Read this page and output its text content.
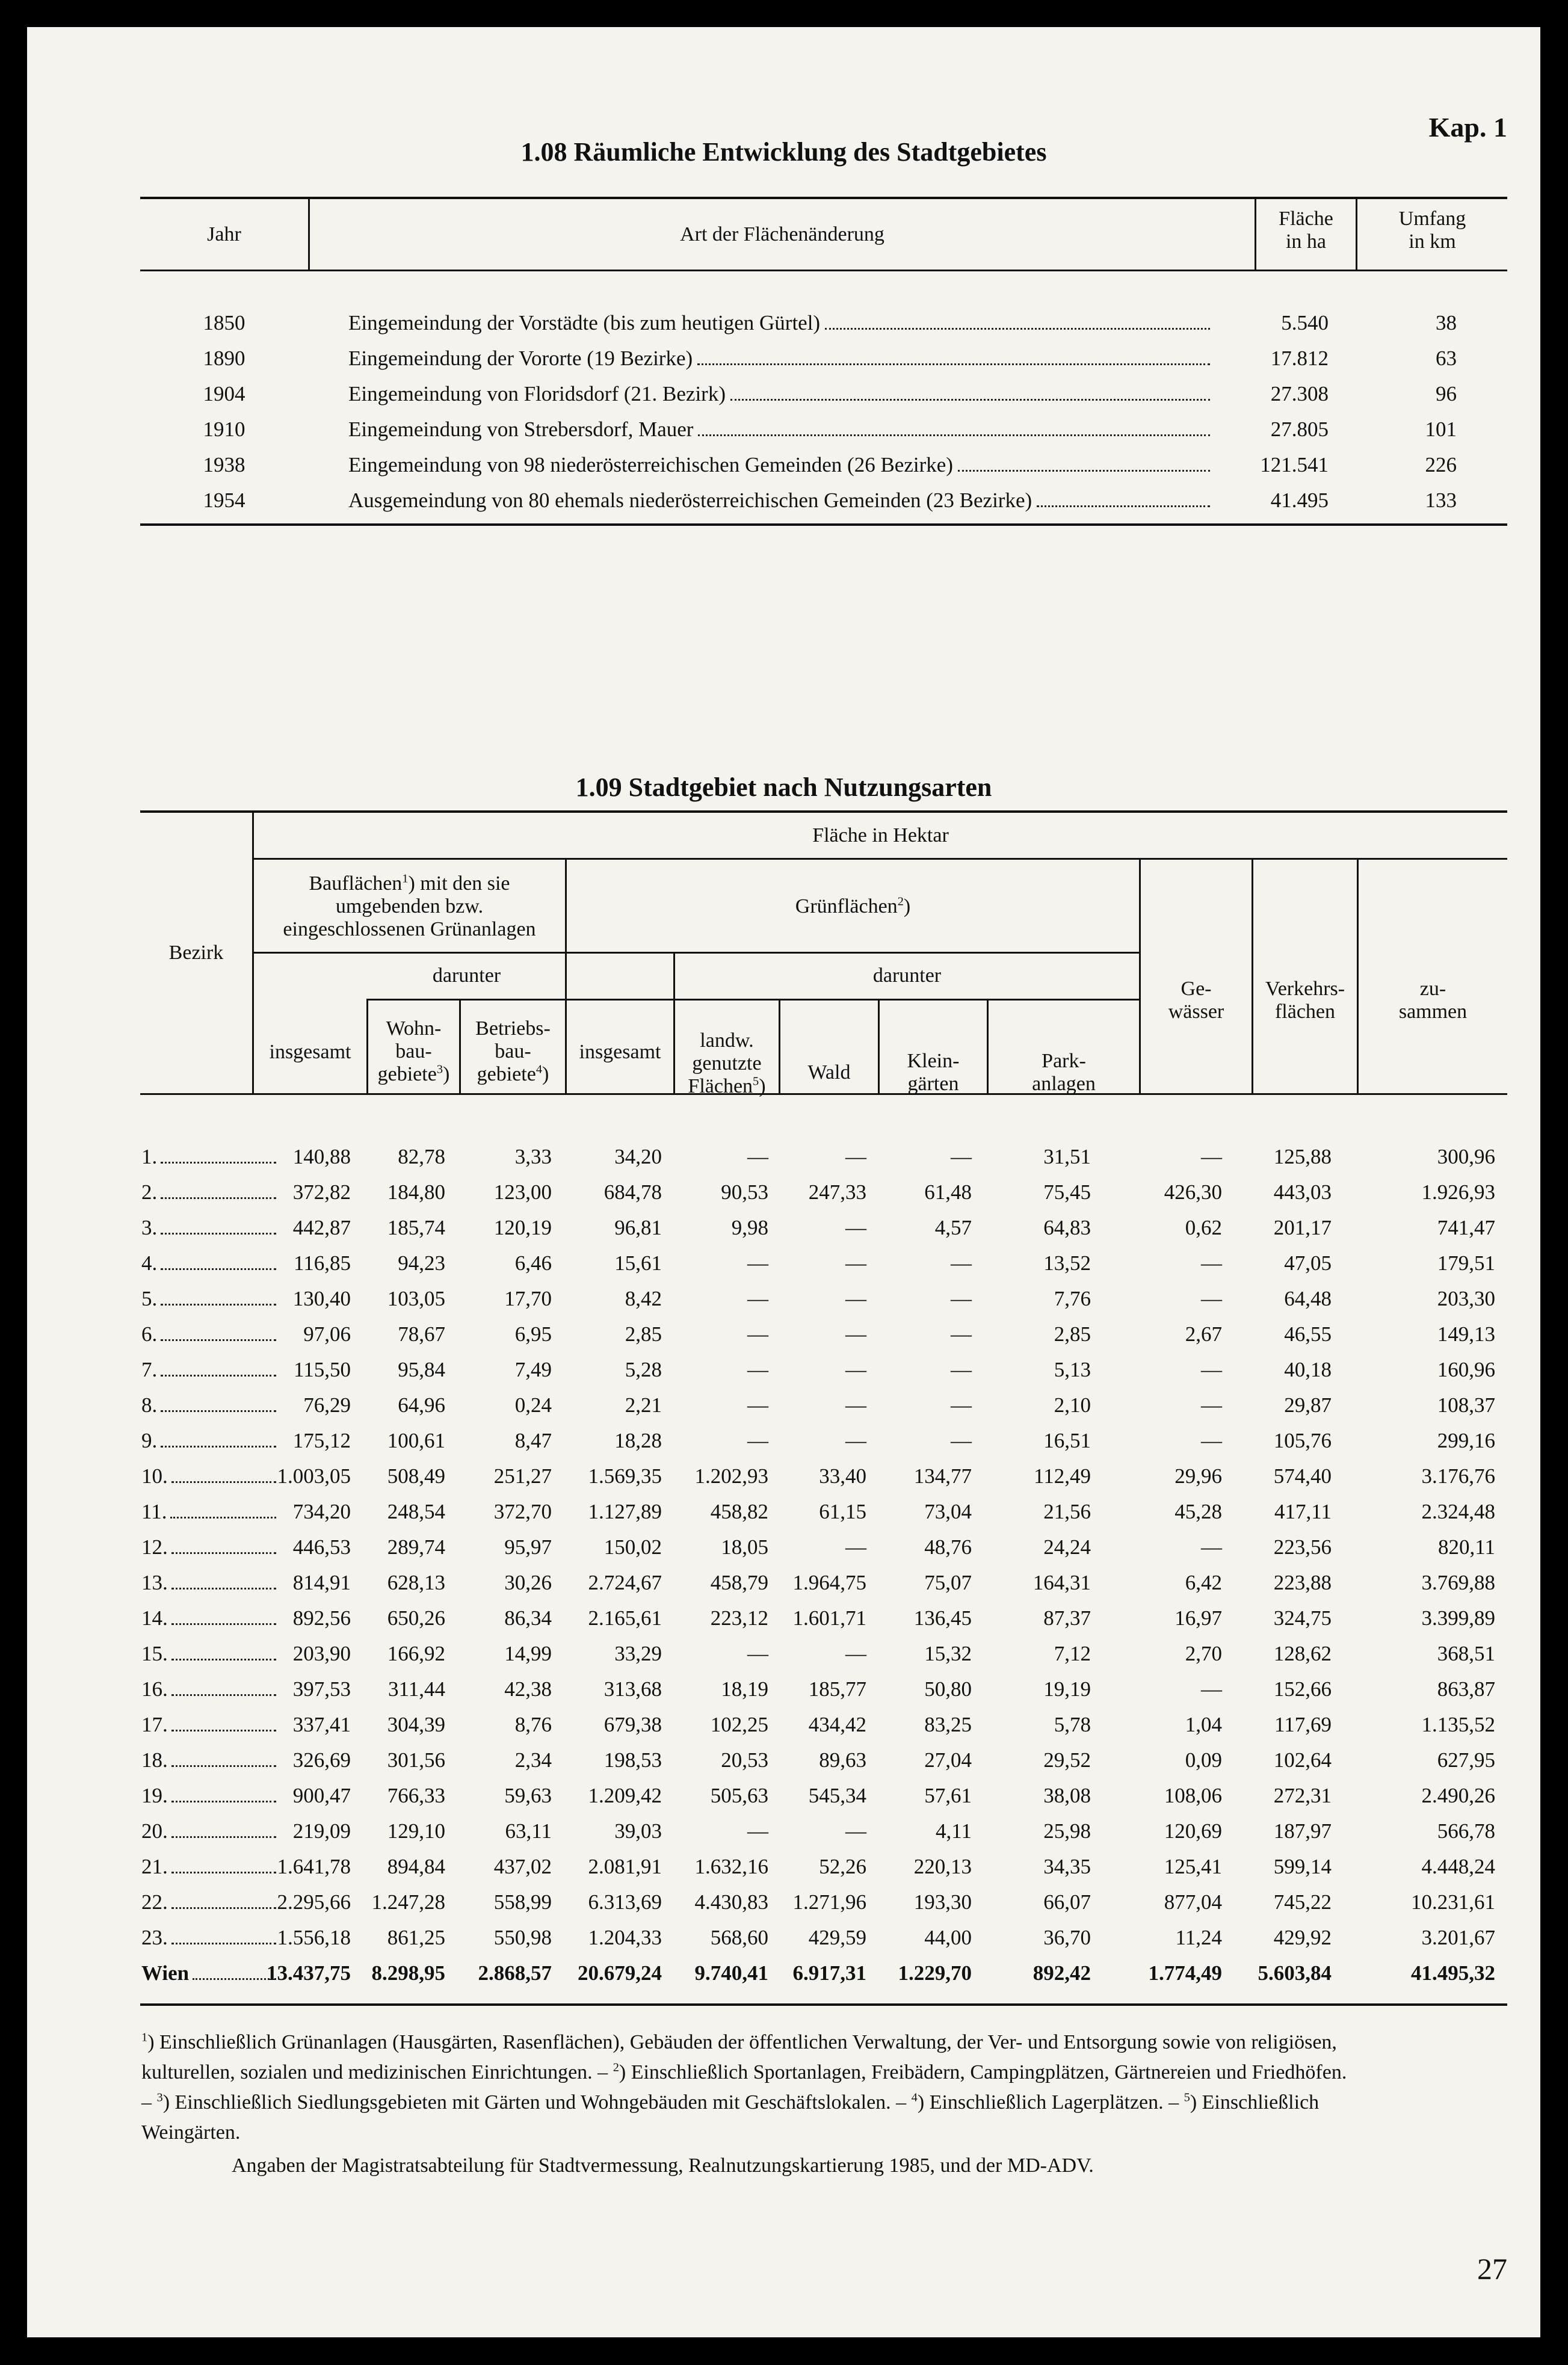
Kap. 1
1.08 Räumliche Entwicklung des Stadtgebietes
Jahr	Art der Flächenänderung
Fläche
in ha
Umfang
in km
1850	Eingemeindung der Vorstädte (bis zum heutigen Gürtel)	5.540	38
1890	Eingemeindung der Vororte (19 Bezirke)	17.812	63
1904	Eingemeindung von Floridsdorf (21. Bezirk)	27.308	96
1910	Eingemeindung von Strebersdorf, Mauer	27.805	101
1938	Eingemeindung von 98 niederösterreichischen Gemeinden (26 Bezirke)	121.541	226
1954	Ausgemeindung von 80 ehemals niederösterreichischen Gemeinden (23 Bezirke)	41.495	133
1.09 Stadtgebiet nach Nutzungsarten
Bezirk
Fläche in Hektar
Bauflächen$^1$) mit den sie
umgebenden bzw.
eingeschlossenen Grünanlagen
Grünflächen$^2$)
darunter	darunter
insgesamt
Wohn-
bau-
gebiete$^3$)
Betriebs-
bau-
gebiete$^4$)
insgesamt
landw.
genutzte
Flächen$^5$)
Wald
Klein-
gärten
Park-
anlagen
Ge-
wässer
Verkehrs-
flächen
zu-
sammen
1.	140,88 82,78	3,33	34,20	—	—	—	31,51	— 125,88	300,96
2.	372,82 184,80 123,00 684,78	90,53 247,33	61,48	75,45	426,30 443,03	1.926,93
3.	442,87 185,74 120,19	96,81	9,98	—	4,57	64,83	0,62 201,17	741,47
4.	116,85 94,23	6,46	15,61	—	—	—	13,52	—	47,05	179,51
5.	130,40 103,05	17,70	8,42	—	—	—	7,76	—	64,48	203,30
6.	97,06 78,67	6,95	2,85	—	—	—	2,85	2,67	46,55	149,13
7.	115,50 95,84	7,49	5,28	—	—	—	5,13	—	40,18	160,96
8.	76,29 64,96	0,24	2,21	—	—	—	2,10	—	29,87	108,37
9.	175,12 100,61	8,47	18,28	—	—	—	16,51	— 105,76	299,16
10.	1.003,05 508,49 251,27 1.569,35 1.202,93 33,40 134,77	112,49	29,96 574,40	3.176,76
11.	734,20 248,54 372,70 1.127,89 458,82 61,15	73,04	21,56	45,28 417,11	2.324,48
12.	446,53 289,74	95,97 150,02	18,05	—	48,76	24,24	— 223,56	820,11
13.	814,91 628,13	30,26 2.724,67 458,79 1.964,75	75,07	164,31	6,42 223,88	3.769,88
14.	892,56 650,26	86,34 2.165,61 223,12 1.601,71 136,45	87,37	16,97 324,75	3.399,89
15.	203,90 166,92	14,99	33,29	—	—	15,32	7,12	2,70 128,62	368,51
16.	397,53 311,44	42,38 313,68	18,19 185,77	50,80	19,19	— 152,66	863,87
17.	337,41 304,39	8,76 679,38 102,25 434,42	83,25	5,78	1,04 117,69	1.135,52
18.	326,69 301,56	2,34 198,53	20,53 89,63	27,04	29,52	0,09 102,64	627,95
19.	900,47 766,33	59,63 1.209,42 505,63 545,34	57,61	38,08	108,06 272,31	2.490,26
20.	219,09 129,10	63,11	39,03	—	—	4,11	25,98	120,69 187,97	566,78
21.	1.641,78 894,84 437,02 2.081,91 1.632,16 52,26 220,13	34,35	125,41 599,14	4.448,24
22.	2.295,66 1.247,28 558,99 6.313,69 4.430,83 1.271,96 193,30	66,07	877,04 745,22	10.231,61
23.	1.556,18 861,25 550,98 1.204,33 568,60 429,59	44,00	36,70	11,24 429,92	3.201,67
Wien	13.437,75 8.298,95 2.868,57 20.679,24 9.740,41 6.917,31 1.229,70	892,42	1.774,49 5.603,84	41.495,32
$^1$) Einschließlich Grünanlagen (Hausgärten, Rasenflächen), Gebäuden der öffentlichen Verwaltung, der Ver- und Entsorgung sowie von religiösen,
kulturellen, sozialen und medizinischen Einrichtungen. – $^2$) Einschließlich Sportanlagen, Freibädern, Campingplätzen, Gärtnereien und Friedhöfen.
– $^3$) Einschließlich Siedlungsgebieten mit Gärten und Wohngebäuden mit Geschäftslokalen. – $^4$) Einschließlich Lagerplätzen. – $^5$) Einschließlich
Weingärten.
Angaben der Magistratsabteilung für Stadtvermessung, Realnutzungskartierung 1985, und der MD-ADV.
27
